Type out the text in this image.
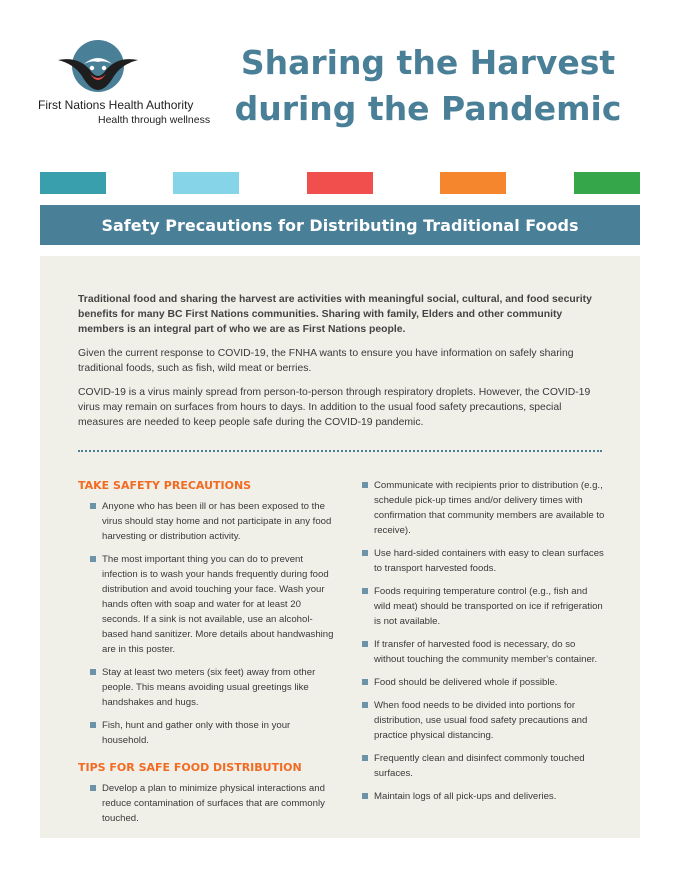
First Nations Health Authority
Health through wellness
Sharing the Harvest
during the Pandemic
Safety Precautions for Distributing Traditional Foods

Traditional food and sharing the harvest are activities with meaningful social, cultural, and food security benefits for many BC First Nations communities. Sharing with family, Elders and other community members is an integral part of who we are as First Nations people.

Given the current response to COVID-19, the FNHA wants to ensure you have information on safely sharing traditional foods, such as fish, wild meat or berries.

COVID-19 is a virus mainly spread from person-to-person through respiratory droplets. However, the COVID-19 virus may remain on surfaces from hours to days. In addition to the usual food safety precautions, special measures are needed to keep people safe during the COVID-19 pandemic.

TAKE SAFETY PRECAUTIONS
Anyone who has been ill or has been exposed to the virus should stay home and not participate in any food harvesting or distribution activity.
The most important thing you can do to prevent infection is to wash your hands frequently during food distribution and avoid touching your face. Wash your hands often with soap and water for at least 20 seconds. If a sink is not available, use an alcohol-based hand sanitizer. More details about handwashing are in this poster.
Stay at least two meters (six feet) away from other people. This means avoiding usual greetings like handshakes and hugs.
Fish, hunt and gather only with those in your household.
TIPS FOR SAFE FOOD DISTRIBUTION
Develop a plan to minimize physical interactions and reduce contamination of surfaces that are commonly touched.
Communicate with recipients prior to distribution (e.g., schedule pick-up times and/or delivery times with confirmation that community members are available to receive).
Use hard-sided containers with easy to clean surfaces to transport harvested foods.
Foods requiring temperature control (e.g., fish and wild meat) should be transported on ice if refrigeration is not available.
If transfer of harvested food is necessary, do so without touching the community member's container.
Food should be delivered whole if possible.
When food needs to be divided into portions for distribution, use usual food safety precautions and practice physical distancing.
Frequently clean and disinfect commonly touched surfaces.
Maintain logs of all pick-ups and deliveries.
